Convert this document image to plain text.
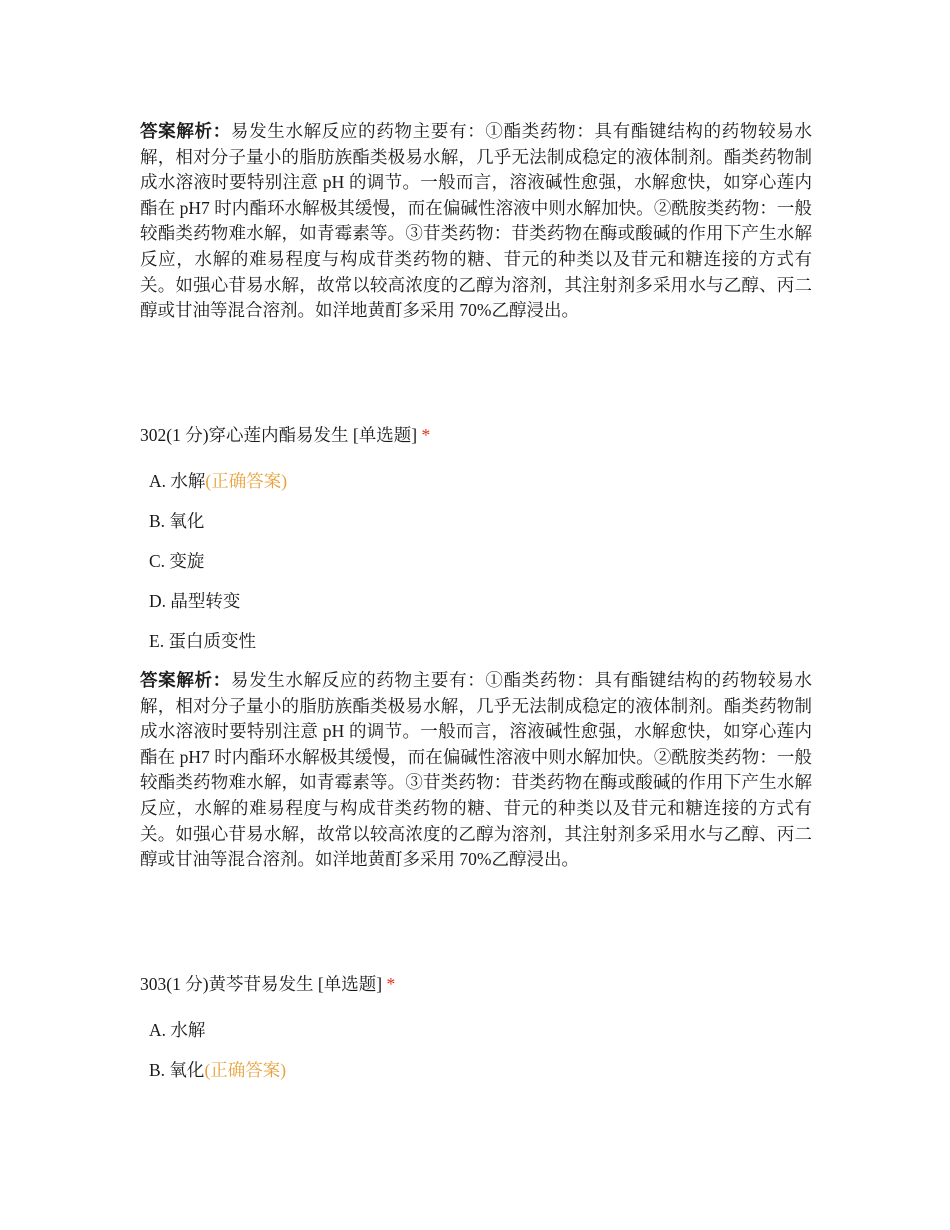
答案解析：易发生水解反应的药物主要有：①酯类药物：具有酯键结构的药物较易水解，相对分子量小的脂肪族酯类极易水解，几乎无法制成稳定的液体制剂。酯类药物制成水溶液时要特别注意 pH 的调节。一般而言，溶液碱性愈强，水解愈快，如穿心莲内酯在 pH7 时内酯环水解极其缓慢，而在偏碱性溶液中则水解加快。②酰胺类药物：一般较酯类药物难水解，如青霉素等。③苷类药物：苷类药物在酶或酸碱的作用下产生水解反应，水解的难易程度与构成苷类药物的糖、苷元的种类以及苷元和糖连接的方式有关。如强心苷易水解，故常以较高浓度的乙醇为溶剂，其注射剂多采用水与乙醇、丙二醇或甘油等混合溶剂。如洋地黄酊多采用 70%乙醇浸出。
302(1 分)穿心莲内酯易发生 [单选题] *
A. 水解(正确答案)
B. 氧化
C. 变旋
D. 晶型转变
E. 蛋白质变性
答案解析：易发生水解反应的药物主要有：①酯类药物：具有酯键结构的药物较易水解，相对分子量小的脂肪族酯类极易水解，几乎无法制成稳定的液体制剂。酯类药物制成水溶液时要特别注意 pH 的调节。一般而言，溶液碱性愈强，水解愈快，如穿心莲内酯在 pH7 时内酯环水解极其缓慢，而在偏碱性溶液中则水解加快。②酰胺类药物：一般较酯类药物难水解，如青霉素等。③苷类药物：苷类药物在酶或酸碱的作用下产生水解反应，水解的难易程度与构成苷类药物的糖、苷元的种类以及苷元和糖连接的方式有关。如强心苷易水解，故常以较高浓度的乙醇为溶剂，其注射剂多采用水与乙醇、丙二醇或甘油等混合溶剂。如洋地黄酊多采用 70%乙醇浸出。
303(1 分)黄芩苷易发生 [单选题] *
A. 水解
B. 氧化(正确答案)
